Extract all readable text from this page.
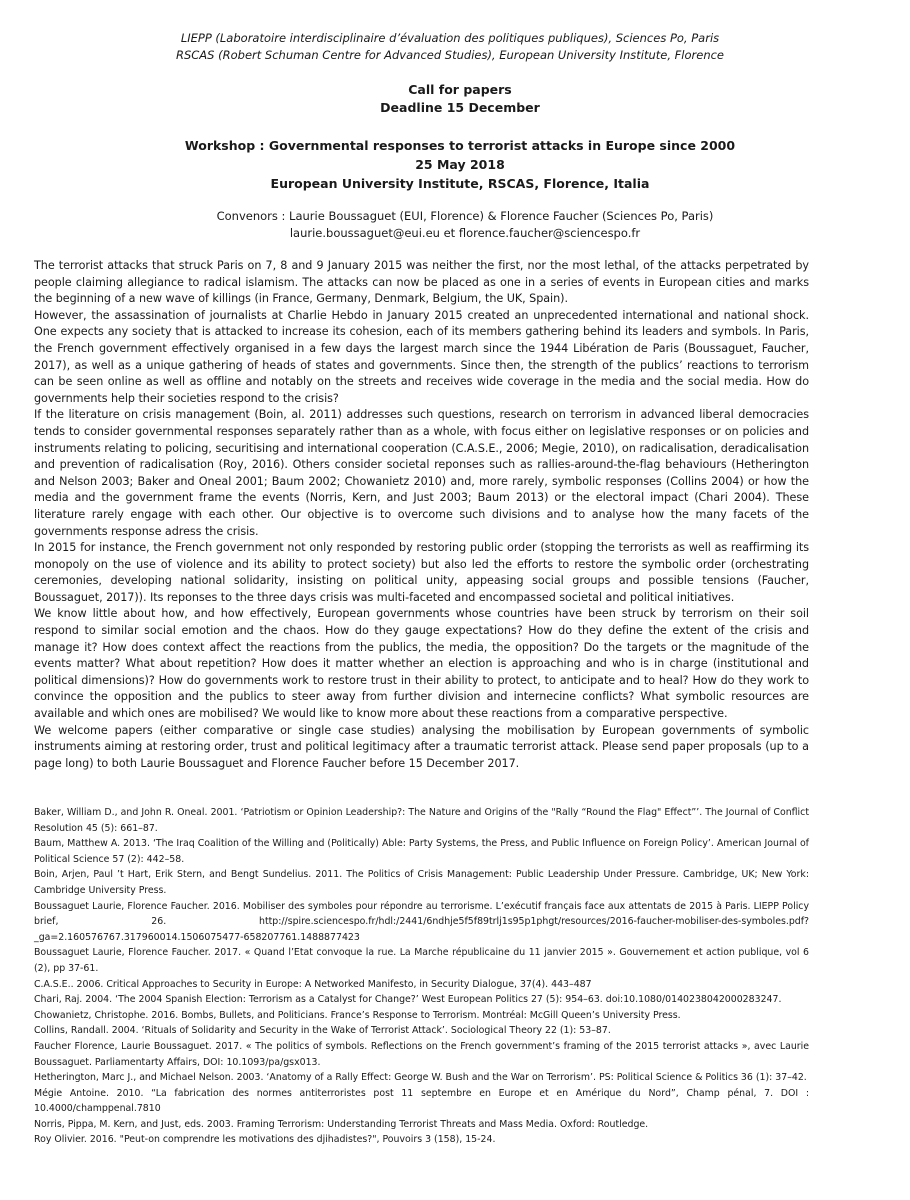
LIEPP (Laboratoire interdisciplinaire d’évaluation des politiques publiques), Sciences Po, Paris
RSCAS (Robert Schuman Centre for Advanced Studies), European University Institute, Florence
Call for papers
Deadline 15 December
Workshop : Governmental responses to terrorist attacks in Europe since 2000
25 May 2018
European University Institute, RSCAS, Florence, Italia
Convenors : Laurie Boussaguet (EUI, Florence) & Florence Faucher (Sciences Po, Paris)
laurie.boussaguet@eui.eu et florence.faucher@sciencespo.fr

The terrorist attacks that struck Paris on 7, 8 and 9 January 2015 was neither the first, nor the most lethal, of the attacks perpetrated by people claiming allegiance to radical islamism. The attacks can now be placed as one in a series of events in European cities and marks the beginning of a new wave of killings (in France, Germany, Denmark, Belgium, the UK, Spain).

However, the assassination of journalists at Charlie Hebdo in January 2015 created an unprecedented international and national shock. One expects any society that is attacked to increase its cohesion, each of its members gathering behind its leaders and symbols. In Paris, the French government effectively organised in a few days the largest march since the 1944 Libération de Paris (Boussaguet, Faucher, 2017), as well as a unique gathering of heads of states and governments. Since then, the strength of the publics’ reactions to terrorism can be seen online as well as offline and notably on the streets and receives wide coverage in the media and the social media. How do governments help their societies respond to the crisis?

If the literature on crisis management (Boin, al. 2011) addresses such questions, research on terrorism in advanced liberal democracies tends to consider governmental responses separately rather than as a whole, with focus either on legislative responses or on policies and instruments relating to policing, securitising and international cooperation (C.A.S.E., 2006; Megie, 2010), on radicalisation, deradicalisation and prevention of radicalisation (Roy, 2016). Others consider societal reponses such as rallies-around-the-flag behaviours (Hetherington and Nelson 2003; Baker and Oneal 2001; Baum 2002; Chowanietz 2010) and, more rarely, symbolic responses (Collins 2004) or how the media and the government frame the events (Norris, Kern, and Just 2003; Baum 2013) or the electoral impact (Chari 2004). These literature rarely engage with each other. Our objective is to overcome such divisions and to analyse how the many facets of the governments response adress the crisis.

In 2015 for instance, the French government not only responded by restoring public order (stopping the terrorists as well as reaffirming its monopoly on the use of violence and its ability to protect society) but also led the efforts to restore the symbolic order (orchestrating ceremonies, developing national solidarity, insisting on political unity, appeasing social groups and possible tensions (Faucher, Boussaguet, 2017)). Its reponses to the three days crisis was multi-faceted and encompassed societal and political initiatives.

We know little about how, and how effectively, European governments whose countries have been struck by terrorism on their soil respond to similar social emotion and the chaos. How do they gauge expectations? How do they define the extent of the crisis and manage it? How does context affect the reactions from the publics, the media, the opposition? Do the targets or the magnitude of the events matter? What about repetition? How does it matter whether an election is approaching and who is in charge (institutional and political dimensions)? How do governments work to restore trust in their ability to protect, to anticipate and to heal? How do they work to convince the opposition and the publics to steer away from further division and internecine conflicts? What symbolic resources are available and which ones are mobilised? We would like to know more about these reactions from a comparative perspective.

We welcome papers (either comparative or single case studies) analysing the mobilisation by European governments of symbolic instruments aiming at restoring order, trust and political legitimacy after a traumatic terrorist attack. Please send paper proposals (up to a page long) to both Laurie Boussaguet and Florence Faucher before 15 December 2017.

Baker, William D., and John R. Oneal. 2001. ‘Patriotism or Opinion Leadership?: The Nature and Origins of the "Rally “Round the Flag" Effect”’. The Journal of Conflict Resolution 45 (5): 661–87.

Baum, Matthew A. 2013. ‘The Iraq Coalition of the Willing and (Politically) Able: Party Systems, the Press, and Public Influence on Foreign Policy’. American Journal of Political Science 57 (2): 442–58.

Boin, Arjen, Paul ’t Hart, Erik Stern, and Bengt Sundelius. 2011. The Politics of Crisis Management: Public Leadership Under Pressure. Cambridge, UK; New York: Cambridge University Press.

Boussaguet Laurie, Florence Faucher. 2016. Mobiliser des symboles pour répondre au terrorisme. L’exécutif français face aux attentats de 2015 à Paris. LIEPP Policy brief, 26. http://spire.sciencespo.fr/hdl:/2441/6ndhje5f5f89trlj1s95p1phgt/resources/2016-faucher-mobiliser-des-symboles.pdf?_ga=2.160576767.317960014.1506075477-658207761.1488877423

Boussaguet Laurie, Florence Faucher. 2017. « Quand l’Etat convoque la rue. La Marche républicaine du 11 janvier 2015 ». Gouvernement et action publique, vol 6 (2), pp 37-61.

C.A.S.E.. 2006. Critical Approaches to Security in Europe: A Networked Manifesto, in Security Dialogue, 37(4). 443–487

Chari, Raj. 2004. ‘The 2004 Spanish Election: Terrorism as a Catalyst for Change?’ West European Politics 27 (5): 954–63. doi:10.1080/0140238042000283247.

Chowanietz, Christophe. 2016. Bombs, Bullets, and Politicians. France’s Response to Terrorism. Montréal: McGill Queen’s University Press.

Collins, Randall. 2004. ‘Rituals of Solidarity and Security in the Wake of Terrorist Attack’. Sociological Theory 22 (1): 53–87.

Faucher Florence, Laurie Boussaguet. 2017. « The politics of symbols. Reflections on the French government’s framing of the 2015 terrorist attacks », avec Laurie Boussaguet. Parliamentarty Affairs, DOI: 10.1093/pa/gsx013.

Hetherington, Marc J., and Michael Nelson. 2003. ‘Anatomy of a Rally Effect: George W. Bush and the War on Terrorism’. PS: Political Science & Politics 36 (1): 37–42.

Mégie Antoine. 2010. “La fabrication des normes antiterroristes post 11 septembre en Europe et en Amérique du Nord”, Champ pénal, 7. DOI : 10.4000/champpenal.7810

Norris, Pippa, M. Kern, and Just, eds. 2003. Framing Terrorism: Understanding Terrorist Threats and Mass Media. Oxford: Routledge.

Roy Olivier. 2016. "Peut-on comprendre les motivations des djihadistes?", Pouvoirs 3 (158), 15-24.
